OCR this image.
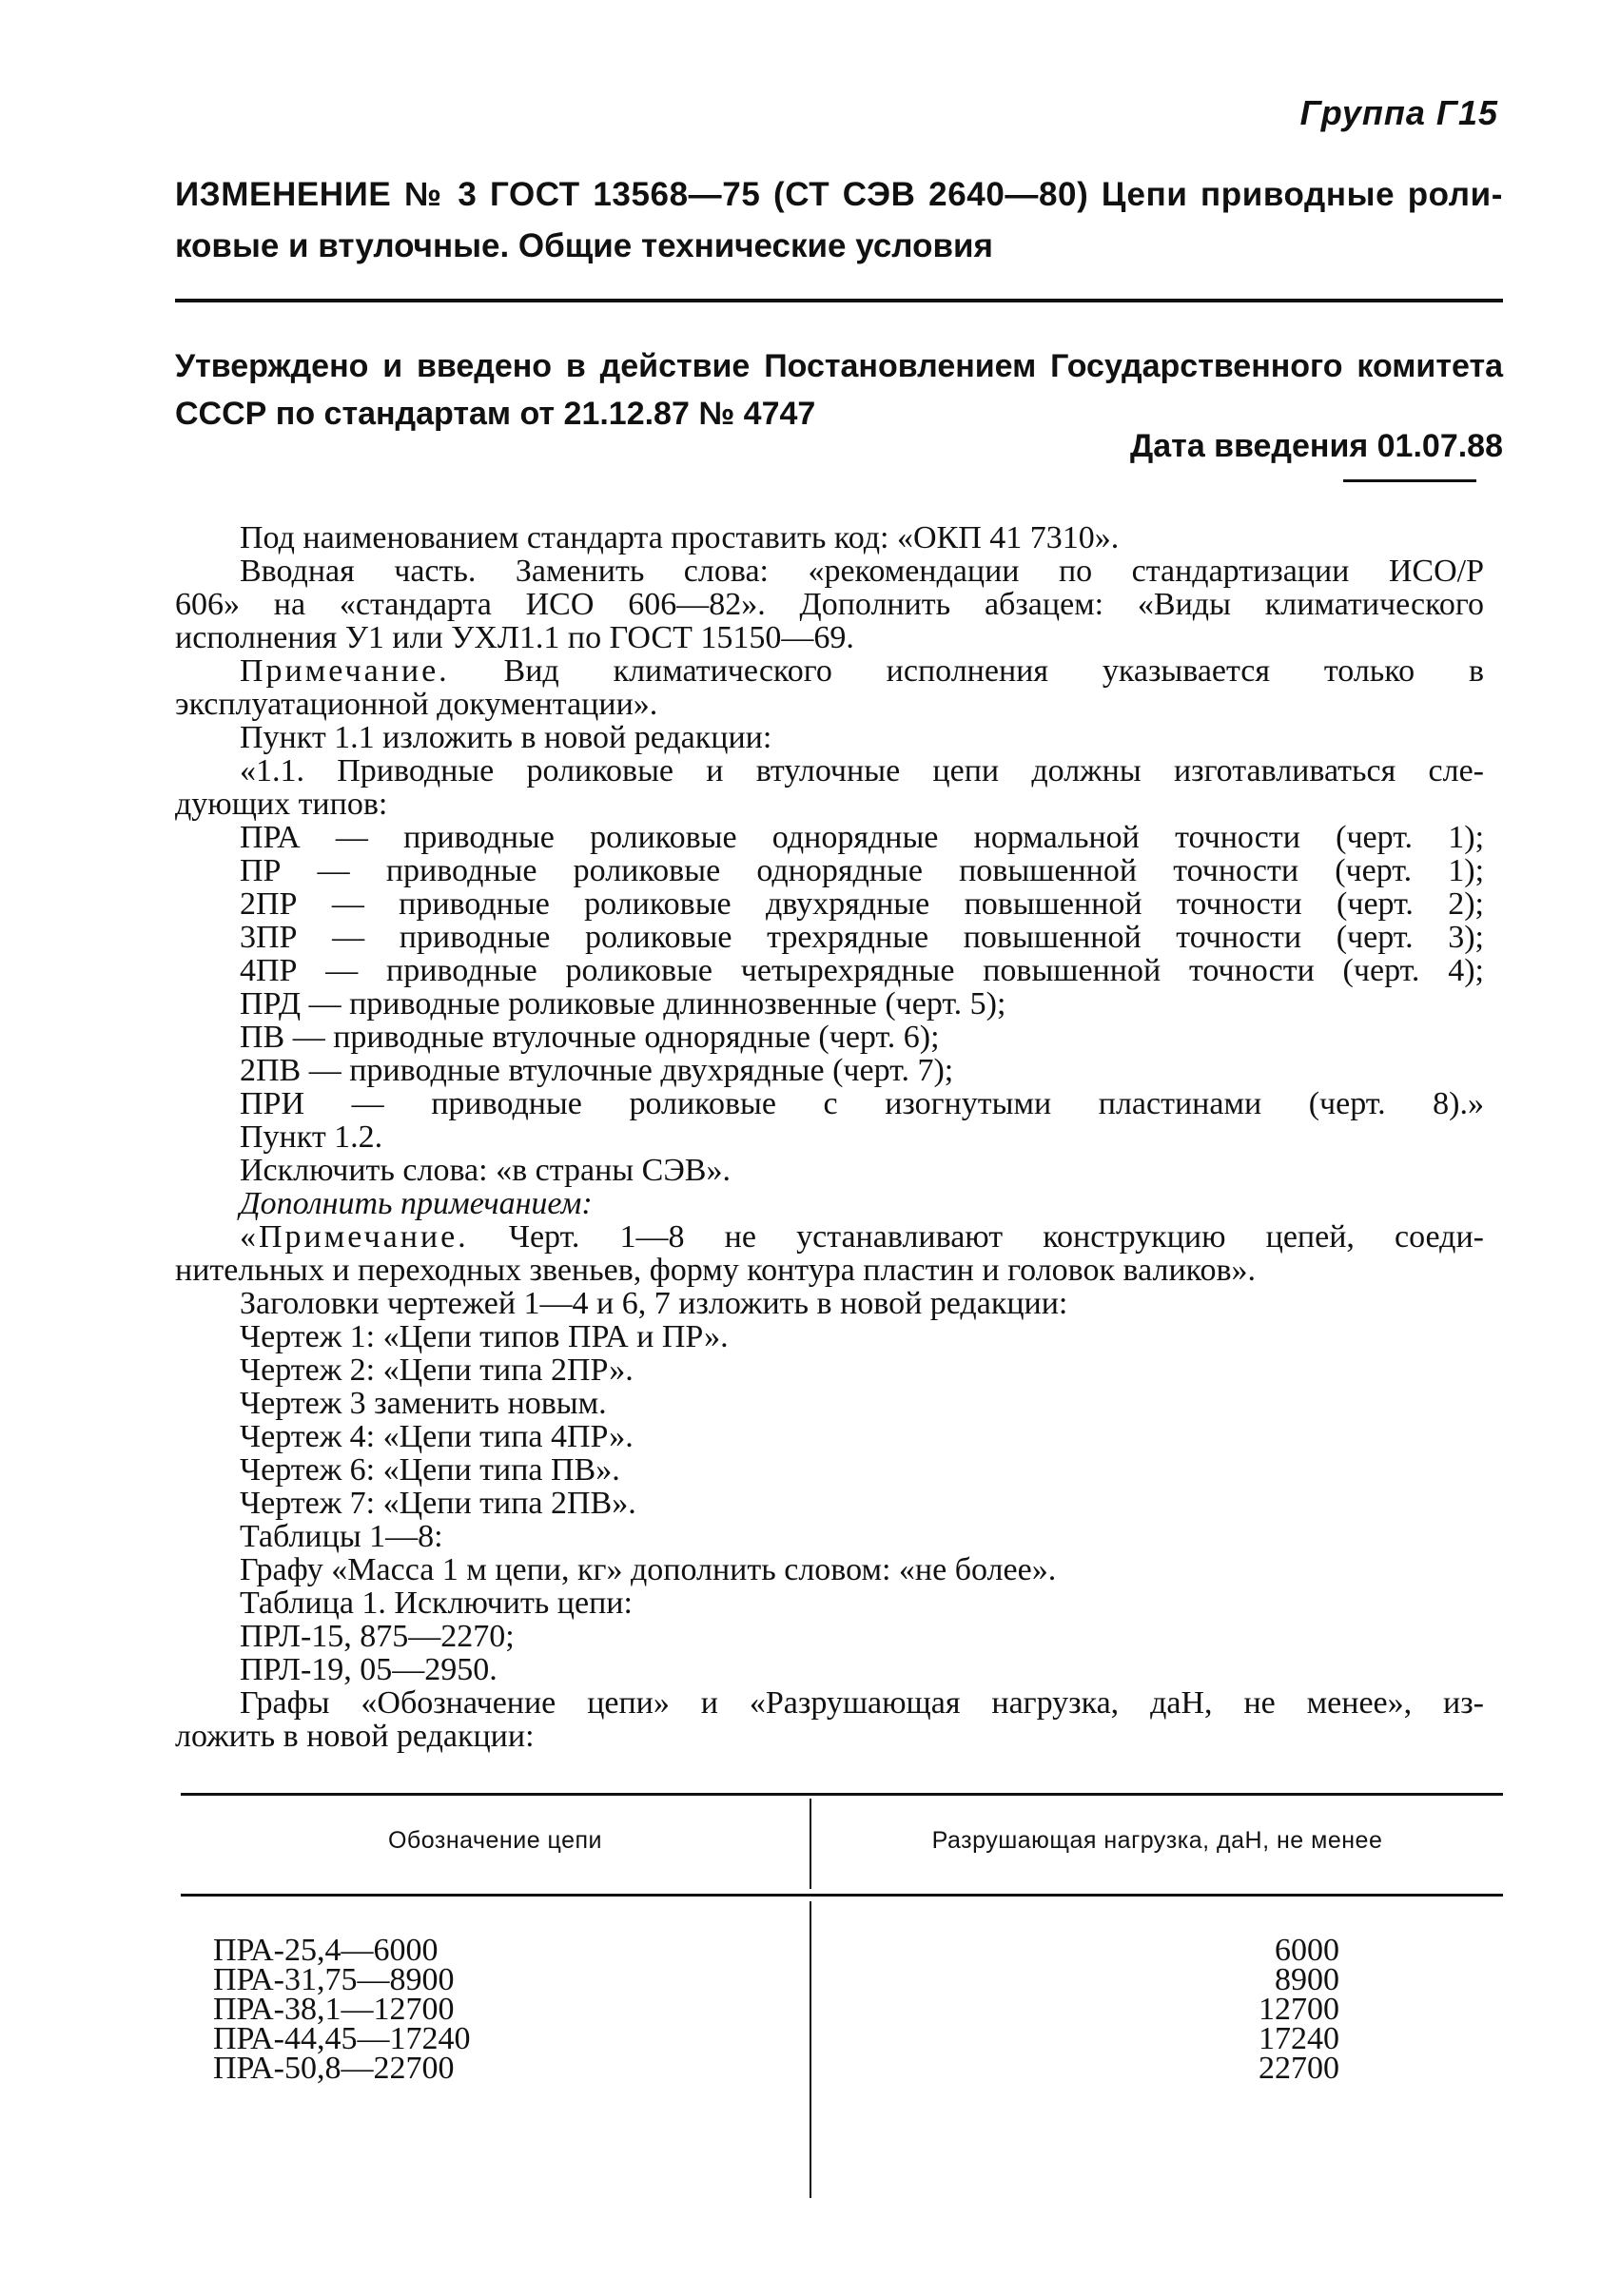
Группа Г15
ИЗМЕНЕНИЕ № 3 ГОСТ 13568—75 (СТ СЭВ 2640—80) Цепи приводные роли-
ковые и втулочные. Общие технические условия
Утверждено и введено в действие Постановлением Государственного комитета
СССР по стандартам от 21.12.87 № 4747
Дата введения 01.07.88
Под наименованием стандарта проставить код: «ОКП 41 7310».
Вводная часть. Заменить слова: «рекомендации по стандартизации ИСО/Р
606» на «стандарта ИСО 606—82». Дополнить абзацем: «Виды климатического
исполнения У1 или УХЛ1.1 по ГОСТ 15150—69.
Примечание. Вид климатического исполнения указывается только в
эксплуатационной документации».
Пункт 1.1 изложить в новой редакции:
«1.1. Приводные роликовые и втулочные цепи должны изготавливаться сле-
дующих типов:
ПРА — приводные роликовые однорядные нормальной точности (черт. 1);
ПР — приводные роликовые однорядные повышенной точности (черт. 1);
2ПР — приводные роликовые двухрядные повышенной точности (черт. 2);
3ПР — приводные роликовые трехрядные повышенной точности (черт. 3);
4ПР — приводные роликовые четырехрядные повышенной точности (черт. 4);
ПРД — приводные роликовые длиннозвенные (черт. 5);
ПВ — приводные втулочные однорядные (черт. 6);
2ПВ — приводные втулочные двухрядные (черт. 7);
ПРИ — приводные роликовые с изогнутыми пластинами (черт. 8).»
Пункт 1.2.
Исключить слова: «в страны СЭВ».
Дополнить примечанием:
«Примечание. Черт. 1—8 не устанавливают конструкцию цепей, соеди-
нительных и переходных звеньев, форму контура пластин и головок валиков».
Заголовки чертежей 1—4 и 6, 7 изложить в новой редакции:
Чертеж 1: «Цепи типов ПРА и ПР».
Чертеж 2: «Цепи типа 2ПР».
Чертеж 3 заменить новым.
Чертеж 4: «Цепи типа 4ПР».
Чертеж 6: «Цепи типа ПВ».
Чертеж 7: «Цепи типа 2ПВ».
Таблицы 1—8:
Графу «Масса 1 м цепи, кг» дополнить словом: «не более».
Таблица 1. Исключить цепи:
ПРЛ-15, 875—2270;
ПРЛ-19, 05—2950.
Графы «Обозначение цепи» и «Разрушающая нагрузка, даН, не менее», из-
ложить в новой редакции:
Обозначение цепи	Разрушающая нагрузка, даН, не менее
ПРА-25,4—6000	6000
ПРА-31,75—8900	8900
ПРА-38,1—12700	12700
ПРА-44,45—17240	17240
ПРА-50,8—22700	22700
